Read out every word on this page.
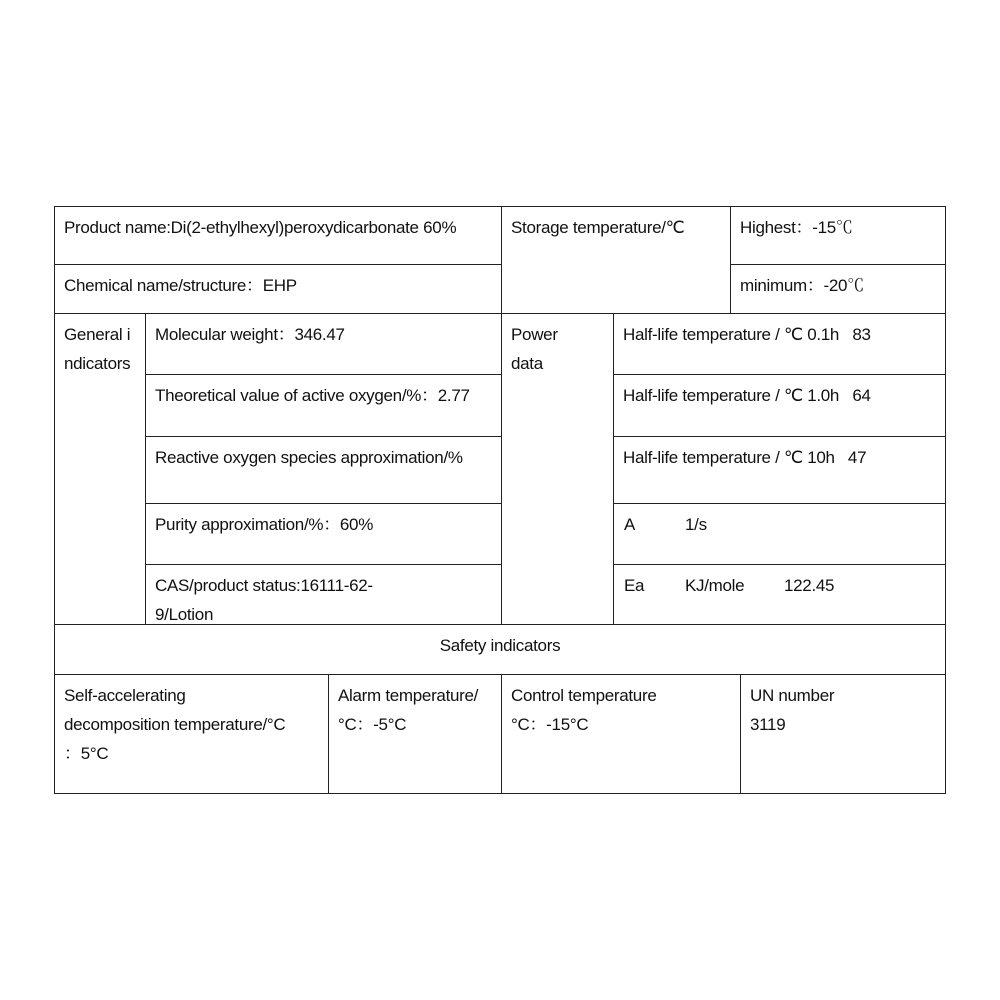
Product name:Di(2-ethylhexyl)peroxydicarbonate 60%
Chemical name/structure：EHP
Storage temperature/℃	Highest：-15℃
minimum：-20℃
General indicators
Molecular weight：346.47
Theoretical value of active oxygen/%：2.77
Reactive oxygen species approximation/%
Purity approximation/%：60%
CAS/product status:16111-62-9/Lotion
Power data
Half-life temperature / ℃ 0.1h   83
Half-life temperature / ℃ 1.0h   64
Half-life temperature / ℃ 10h   47
A	1/s
Ea KJ/mole 122.45
Safety indicators
Self-accelerating decomposition temperature/°C ：5°C
Alarm temperature/°C：-5°C
Control temperature °C：-15°C
UN number
3119
